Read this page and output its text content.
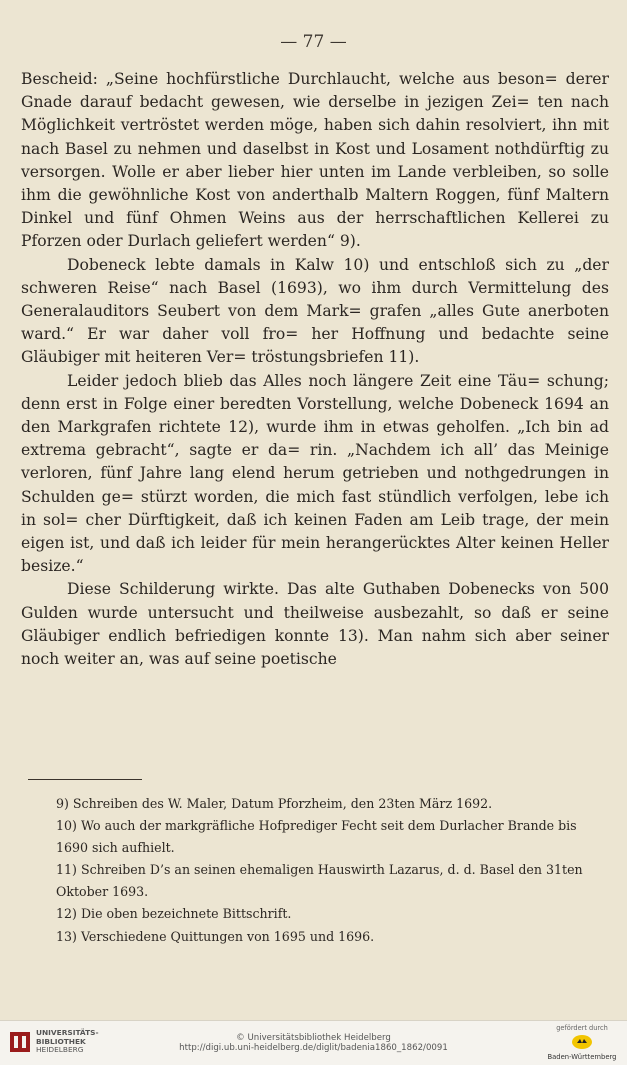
— 77 —

Bescheid: „Seine hochfürstliche Durchlaucht, welche aus beson= derer Gnade darauf bedacht gewesen, wie derselbe in jezigen Zei= ten nach Möglichkeit vertröstet werden möge, haben sich dahin resolviert, ihn mit nach Basel zu nehmen und daselbst in Kost und Losament nothdürftig zu versorgen. Wolle er aber lieber hier unten im Lande verbleiben, so solle ihm die gewöhnliche Kost von anderthalb Maltern Roggen, fünf Maltern Dinkel und fünf Ohmen Weins aus der herrschaftlichen Kellerei zu Pforzen oder Durlach geliefert werden“ 9).

Dobeneck lebte damals in Kalw 10) und entschloß sich zu „der schweren Reise“ nach Basel (1693), wo ihm durch Vermittelung des Generalauditors Seubert von dem Mark= grafen „alles Gute anerboten ward.“ Er war daher voll fro= her Hoffnung und bedachte seine Gläubiger mit heiteren Ver= tröstungsbriefen 11).

Leider jedoch blieb das Alles noch längere Zeit eine Täu= schung; denn erst in Folge einer beredten Vorstellung, welche Dobeneck 1694 an den Markgrafen richtete 12), wurde ihm in etwas geholfen. „Ich bin ad extrema gebracht“, sagte er da= rin. „Nachdem ich all’ das Meinige verloren, fünf Jahre lang elend herum getrieben und nothgedrungen in Schulden ge= stürzt worden, die mich fast stündlich verfolgen, lebe ich in sol= cher Dürftigkeit, daß ich keinen Faden am Leib trage, der mein eigen ist, und daß ich leider für mein herangerücktes Alter keinen Heller besize.“

Diese Schilderung wirkte. Das alte Guthaben Dobenecks von 500 Gulden wurde untersucht und theilweise ausbezahlt, so daß er seine Gläubiger endlich befriedigen konnte 13). Man nahm sich aber seiner noch weiter an, was auf seine poetische

9) Schreiben des W. Maler, Datum Pforzheim, den 23ten März 1692.
10) Wo auch der markgräfliche Hofprediger Fecht seit dem Durlacher Brande bis 1690 sich aufhielt.
11) Schreiben D’s an seinen ehemaligen Hauswirth Lazarus, d. d. Basel den 31ten Oktober 1693.
12) Die oben bezeichnete Bittschrift.
13) Verschiedene Quittungen von 1695 und 1696.
UNIVERSITÄTS-
BIBLIOTHEK
HEIDELBERG
© Universitätsbibliothek Heidelberg
http://digi.ub.uni-heidelberg.de/diglit/badenia1860_1862/0091
gefördert durch
Baden-Württemberg
